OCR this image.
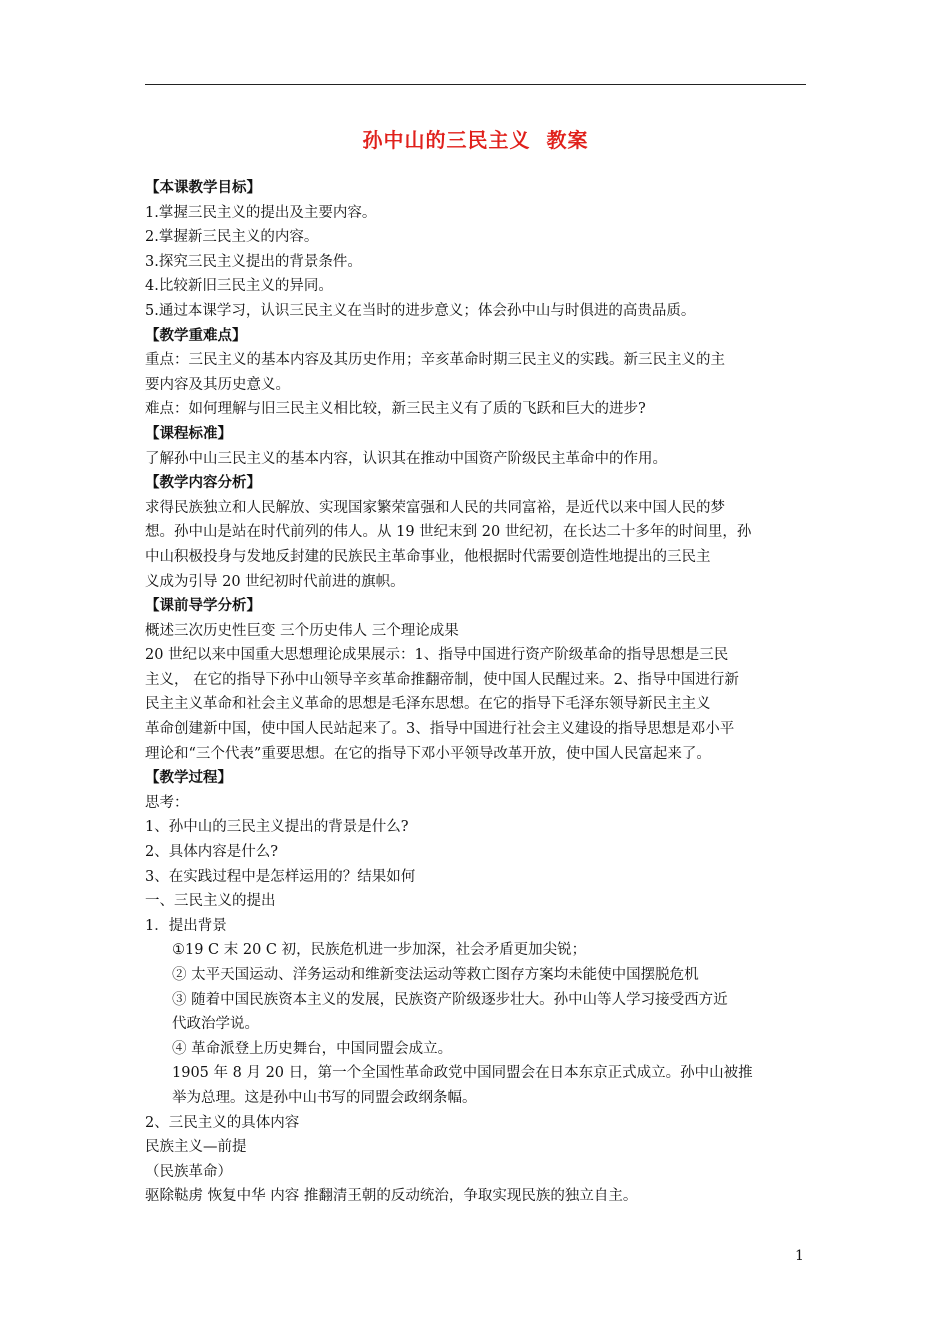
孙中山的三民主义  教案
【本课教学目标】
1.掌握三民主义的提出及主要内容。
2.掌握新三民主义的内容。
3.探究三民主义提出的背景条件。
4.比较新旧三民主义的异同。
5.通过本课学习，认识三民主义在当时的进步意义；体会孙中山与时俱进的高贵品质。
【教学重难点】
重点：三民主义的基本内容及其历史作用；辛亥革命时期三民主义的实践。新三民主义的主
要内容及其历史意义。
难点：如何理解与旧三民主义相比较，新三民主义有了质的飞跃和巨大的进步?
【课程标准】
了解孙中山三民主义的基本内容，认识其在推动中国资产阶级民主革命中的作用。
【教学内容分析】
求得民族独立和人民解放、实现国家繁荣富强和人民的共同富裕，是近代以来中国人民的梦
想。孙中山是站在时代前列的伟人。从 19 世纪末到 20 世纪初，在长达二十多年的时间里，孙
中山积极投身与发地反封建的民族民主革命事业，他根据时代需要创造性地提出的三民主
义成为引导 20 世纪初时代前进的旗帜。
【课前导学分析】
概述三次历史性巨变 三个历史伟人 三个理论成果
20 世纪以来中国重大思想理论成果展示：1、指导中国进行资产阶级革命的指导思想是三民
主义， 在它的指导下孙中山领导辛亥革命推翻帝制，使中国人民醒过来。2、指导中国进行新
民主主义革命和社会主义革命的思想是毛泽东思想。在它的指导下毛泽东领导新民主主义
革命创建新中国，使中国人民站起来了。3、指导中国进行社会主义建设的指导思想是邓小平
理论和“三个代表”重要思想。在它的指导下邓小平领导改革开放，使中国人民富起来了。
【教学过程】
思考：
1、孙中山的三民主义提出的背景是什么?
2、具体内容是什么?
3、在实践过程中是怎样运用的？结果如何
一、三民主义的提出
1．提出背景
①19 C 末 20 C 初，民族危机进一步加深，社会矛盾更加尖锐；
② 太平天国运动、洋务运动和维新变法运动等救亡图存方案均未能使中国摆脱危机
③ 随着中国民族资本主义的发展，民族资产阶级逐步壮大。孙中山等人学习接受西方近
代政治学说。
④ 革命派登上历史舞台，中国同盟会成立。
1905 年 8 月 20 日，第一个全国性革命政党中国同盟会在日本东京正式成立。孙中山被推
举为总理。这是孙中山书写的同盟会政纲条幅。
2、三民主义的具体内容
民族主义—前提
（民族革命）
驱除鞑虏 恢复中华 内容 推翻清王朝的反动统治，争取实现民族的独立自主。
1
